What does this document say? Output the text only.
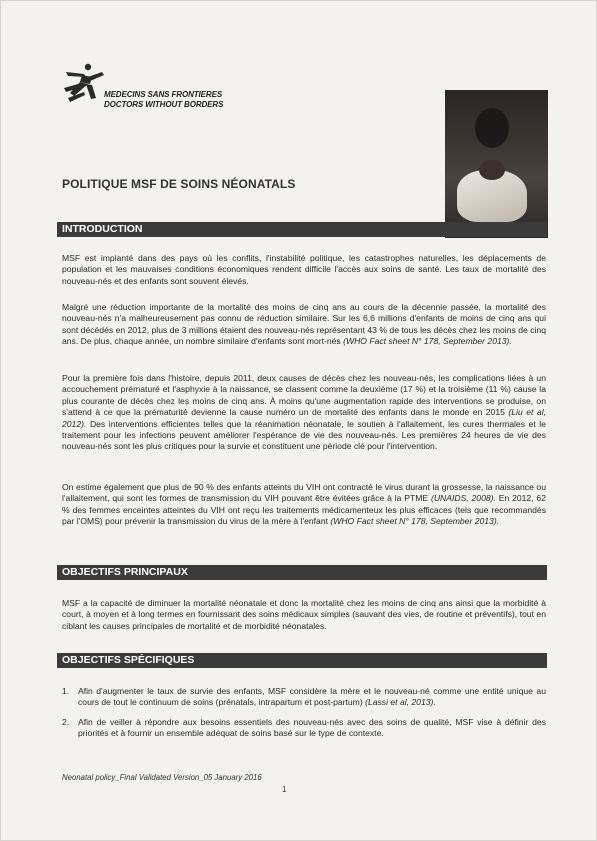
MEDECINS SANS FRONTIERES
DOCTORS WITHOUT BORDERS
POLITIQUE MSF DE SOINS NÉONATALS
INTRODUCTION

MSF est implanté dans des pays où les conflits, l'instabilité politique, les catastrophes naturelles, les déplacements de population et les mauvaises conditions économiques rendent difficile l'accès aux soins de santé. Les taux de mortalité des nouveau-nés et des enfants sont souvent élevés.

Malgré une réduction importante de la mortalité des moins de cinq ans au cours de la décennie passée, la mortalité des nouveau-nés n'a malheureusement pas connu de réduction similaire. Sur les 6,6 millions d'enfants de moins de cinq ans qui sont décédés en 2012, plus de 3 millions étaient des nouveau-nés représentant 43 % de tous les décès chez les moins de cinq ans. De plus, chaque année, un nombre similaire d'enfants sont mort-nés (WHO Fact sheet N° 178, September 2013).

Pour la première fois dans l'histoire, depuis 2011, deux causes de décès chez les nouveau-nés, les complications liées à un accouchement prématuré et l'asphyxie à la naissance, se classent comme la deuxième (17 %) et la troisième (11 %) cause la plus courante de décès chez les moins de cinq ans. À moins qu'une augmentation rapide des interventions se produise, on s'attend à ce que la prématurité devienne la cause numéro un de mortalité des enfants dans le monde en 2015 (Liu et al, 2012). Des interventions efficientes telles que la réanimation néonatale, le soutien à l'allaitement, les cures thermales et le traitement pour les infections peuvent améliorer l'espérance de vie des nouveau-nés. Les premières 24 heures de vie des nouveau-nés sont les plus critiques pour la survie et constituent une période clé pour l'intervention.

On estime également que plus de 90 % des enfants atteints du VIH ont contracté le virus durant la grossesse, la naissance ou l'allaitement, qui sont les formes de transmission du VIH pouvant être évitées grâce à la PTME (UNAIDS, 2008). En 2012, 62 % des femmes enceintes atteintes du VIH ont reçu les traitements médicamenteux les plus efficaces (tels que recommandés par l'OMS) pour prévenir la transmission du virus de la mère à l'enfant (WHO Fact sheet N° 178, September 2013).

OBJECTIFS PRINCIPAUX

MSF a la capacité de diminuer la mortalité néonatale et donc la mortalité chez les moins de cinq ans ainsi que la morbidité à court, à moyen et à long termes en fournissant des soins médicaux simples (sauvant des vies, de routine et préventifs), tout en ciblant les causes principales de mortalité et de morbidité néonatales.

OBJECTIFS SPÉCIFIQUES
1. Afin d'augmenter le taux de survie des enfants, MSF considère la mère et le nouveau-né comme une entité unique au cours de tout le continuum de soins (prénatals, intrapartum et post-partum) (Lassi et al, 2013).
2. Afin de veiller à répondre aux besoins essentiels des nouveau-nés avec des soins de qualité, MSF vise à définir des priorités et à fournir un ensemble adéquat de soins basé sur le type de contexte.
Neonatal policy_Final Validated Version_05 January 2016
1
